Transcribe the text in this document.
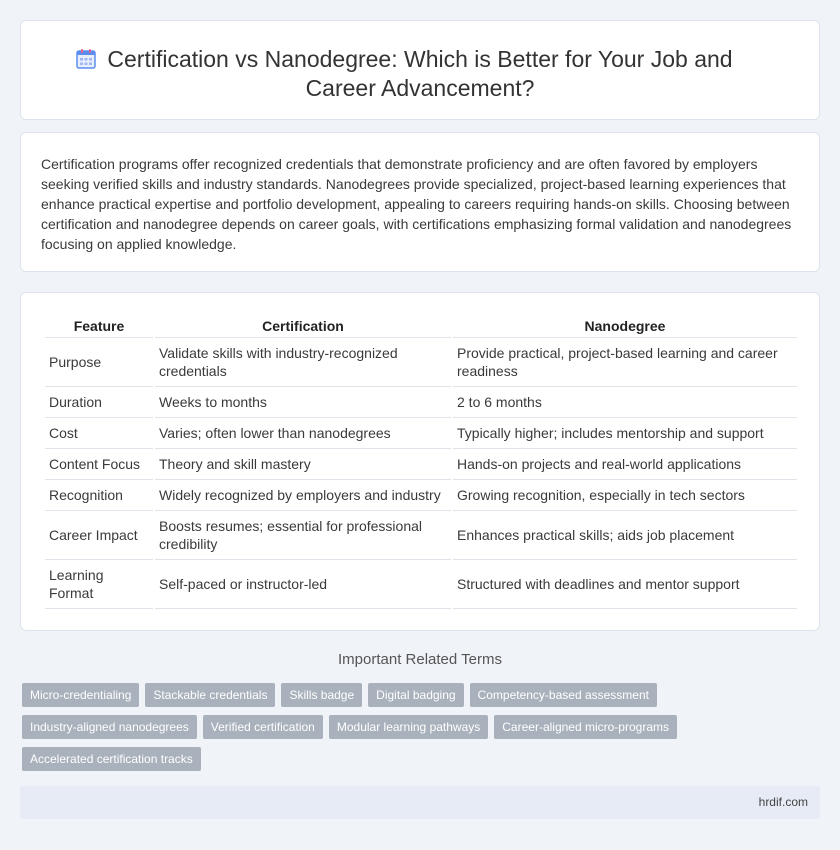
Certification vs Nanodegree: Which is Better for Your Job and Career Advancement?

Certification programs offer recognized credentials that demonstrate proficiency and are often favored by employers seeking verified skills and industry standards. Nanodegrees provide specialized, project-based learning experiences that enhance practical expertise and portfolio development, appealing to careers requiring hands-on skills. Choosing between certification and nanodegree depends on career goals, with certifications emphasizing formal validation and nanodegrees focusing on applied knowledge.

Feature	Certification	Nanodegree
Purpose	Validate skills with industry-recognized credentials	Provide practical, project-based learning and career readiness
Duration	Weeks to months	2 to 6 months
Cost	Varies; often lower than nanodegrees	Typically higher; includes mentorship and support
Content Focus	Theory and skill mastery	Hands-on projects and real-world applications
Recognition	Widely recognized by employers and industry	Growing recognition, especially in tech sectors
Career Impact	Boosts resumes; essential for professional credibility	Enhances practical skills; aids job placement
Learning Format	Self-paced or instructor-led	Structured with deadlines and mentor support
Important Related Terms
Micro-credentialing	Stackable credentials	Skills badge	Digital badging	Competency-based assessment
Industry-aligned nanodegrees	Verified certification	Modular learning pathways	Career-aligned micro-programs
Accelerated certification tracks
hrdif.com
